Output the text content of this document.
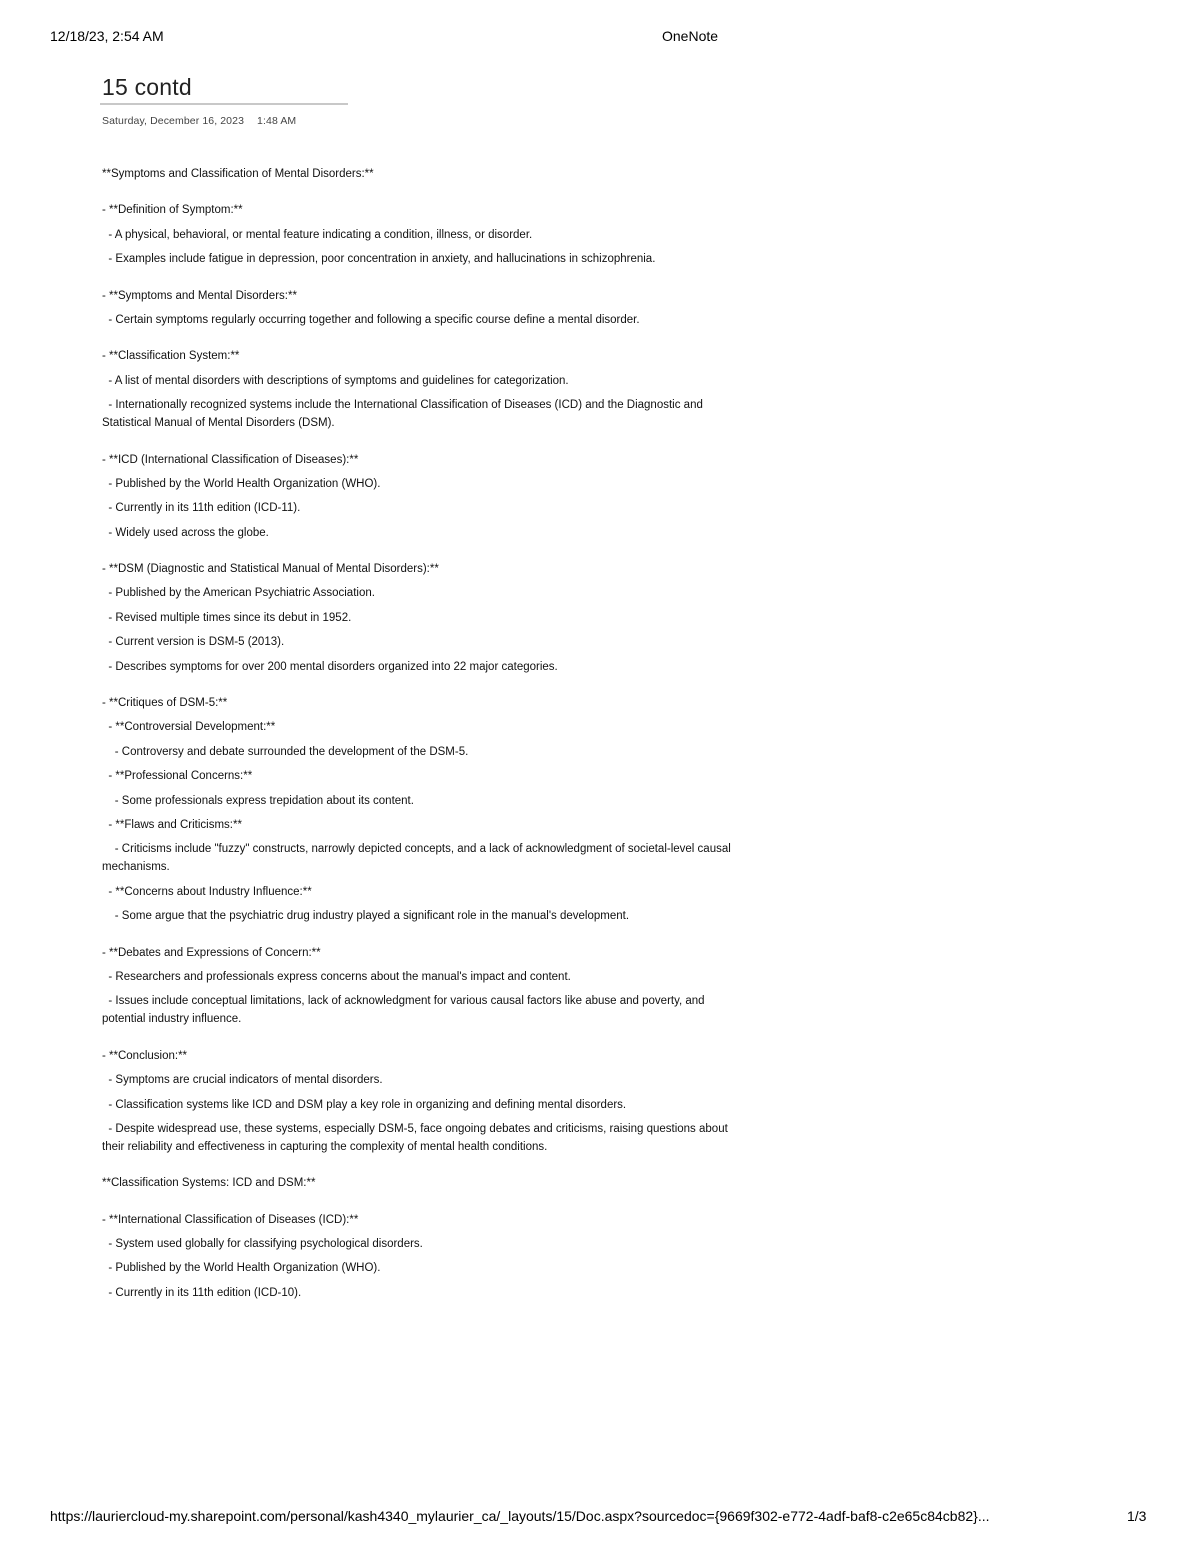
12/18/23, 2:54 AM	OneNote
15 contd
Saturday, December 16, 2023 1:48 AM

**Symptoms and Classification of Mental Disorders:**

- **Definition of Symptom:**

- A physical, behavioral, or mental feature indicating a condition, illness, or disorder.

- Examples include fatigue in depression, poor concentration in anxiety, and hallucinations in schizophrenia.

- **Symptoms and Mental Disorders:**

- Certain symptoms regularly occurring together and following a specific course define a mental disorder.

- **Classification System:**

- A list of mental disorders with descriptions of symptoms and guidelines for categorization.

- Internationally recognized systems include the International Classification of Diseases (ICD) and the Diagnostic and Statistical Manual of Mental Disorders (DSM).

- **ICD (International Classification of Diseases):**

- Published by the World Health Organization (WHO).

- Currently in its 11th edition (ICD-11).

- Widely used across the globe.

- **DSM (Diagnostic and Statistical Manual of Mental Disorders):**

- Published by the American Psychiatric Association.

- Revised multiple times since its debut in 1952.

- Current version is DSM-5 (2013).

- Describes symptoms for over 200 mental disorders organized into 22 major categories.

- **Critiques of DSM-5:**

- **Controversial Development:**

- Controversy and debate surrounded the development of the DSM-5.

- **Professional Concerns:**

- Some professionals express trepidation about its content.

- **Flaws and Criticisms:**

- Criticisms include "fuzzy" constructs, narrowly depicted concepts, and a lack of acknowledgment of societal-level causal mechanisms.

- **Concerns about Industry Influence:**

- Some argue that the psychiatric drug industry played a significant role in the manual's development.

- **Debates and Expressions of Concern:**

- Researchers and professionals express concerns about the manual's impact and content.

- Issues include conceptual limitations, lack of acknowledgment for various causal factors like abuse and poverty, and potential industry influence.

- **Conclusion:**

- Symptoms are crucial indicators of mental disorders.

- Classification systems like ICD and DSM play a key role in organizing and defining mental disorders.

- Despite widespread use, these systems, especially DSM-5, face ongoing debates and criticisms, raising questions about their reliability and effectiveness in capturing the complexity of mental health conditions.

**Classification Systems: ICD and DSM:**

- **International Classification of Diseases (ICD):**

- System used globally for classifying psychological disorders.

- Published by the World Health Organization (WHO).

- Currently in its 11th edition (ICD-10).

https://lauriercloud-my.sharepoint.com/personal/kash4340_mylaurier_ca/_layouts/15/Doc.aspx?sourcedoc={9669f302-e772-4adf-baf8-c2e65c84cb82}...	1/3
